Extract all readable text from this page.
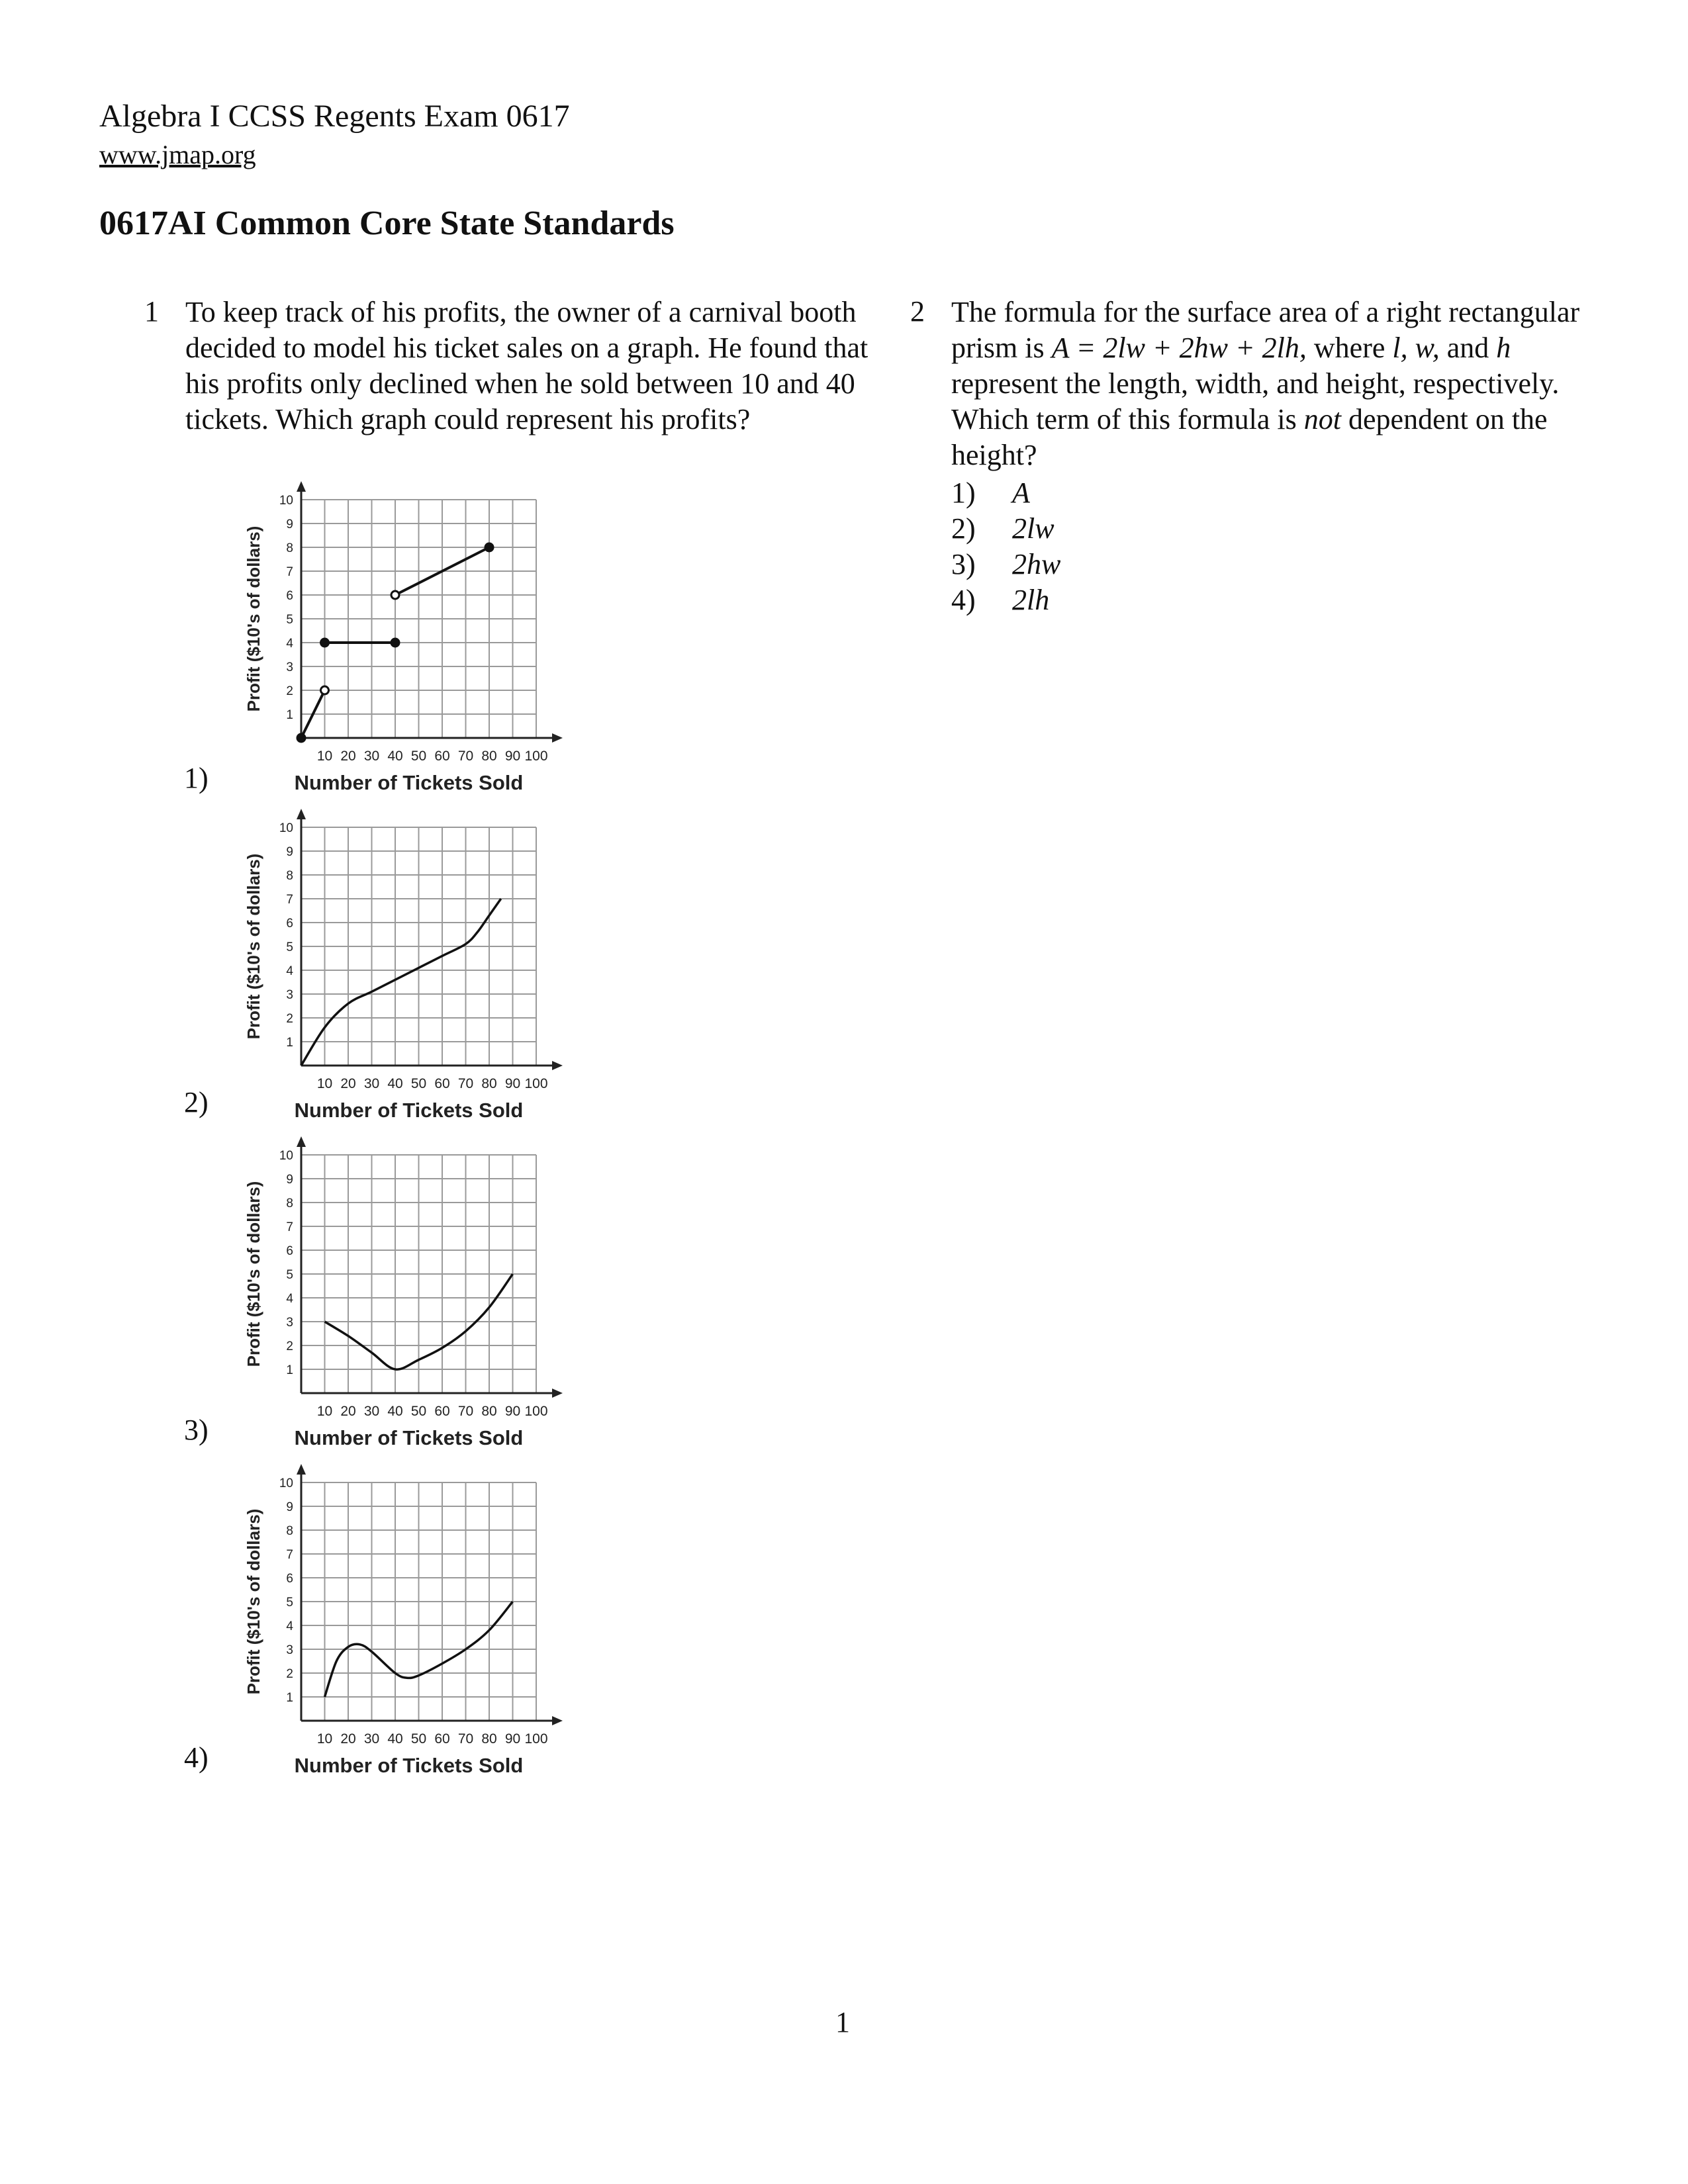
Algebra I CCSS Regents Exam 0617
www.jmap.org
0617AI Common Core State Standards
1 To keep track of his profits, the owner of a carnival booth decided to model his ticket sales on a graph. He found that his profits only declined when he sold between 10 and 40 tickets. Which graph could represent his profits?
1)
2)
3)
4)
10 20 30 40 50 60 70 80 90 100
1
2
3
4
5
6
7
8
9
10
Number of Tickets Sold
Profit ($10's of dollars)
10 20 30 40 50 60 70 80 90 100
1
2
3
4
5
6
7
8
9
10
Number of Tickets Sold
Profit ($10's of dollars)
10 20 30 40 50 60 70 80 90 100
1
2
3
4
5
6
7
8
9
10
Number of Tickets Sold
Profit ($10's of dollars)
10 20 30 40 50 60 70 80 90 100
1
2
3
4
5
6
7
8
9
10
Number of Tickets Sold
Profit ($10's of dollars)
2 The formula for the surface area of a right rectangular prism is A = 2lw + 2hw + 2lh, where l, w, and h represent the length, width, and height, respectively. Which term of this formula is not dependent on the height?
1) A
2) 2lw
3) 2hw
4) 2lh
1
